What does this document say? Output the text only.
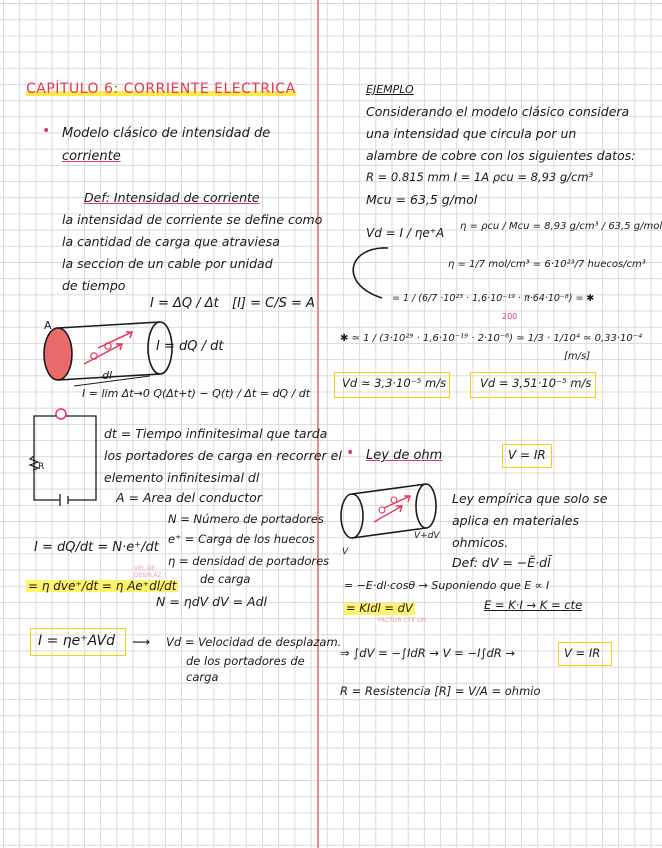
CAPÍTULO 6: CORRIENTE ELECTRICA
• Modelo clásico de intensidad de
corriente
Def: Intensidad de corriente
la intensidad de corriente se define como
la cantidad de carga que atraviesa
la seccion de un cable por unidad
de tiempo
I = ΔQ / Δt [I] = C/S = A
I = dQ / dt
A
dl
I = lim Δt→0 Q(Δt+t) − Q(t) / Δt = dQ / dt
R
dt = Tiempo infinitesimal que tarda
los portadores de carga en recorrer el
elemento infinitesimal dl
A = Area del conductor
N = Número de portadores
e⁺ = Carga de los huecos
η = densidad de portadores
de carga
I = dQ/dt = N·e⁺/dt
= η dve⁺/dt = η Ae⁺dl/dt
VEL DE DESPLAZ
N = ηdV dV = Adl
I = ηe⁺AVd ⟶ Vd = Velocidad de desplazam.
de los portadores de
carga
EJEMPLO
Considerando el modelo clásico considera
una intensidad que circula por un
alambre de cobre con los siguientes datos:
R = 0.815 mm I = 1A ρcu = 8,93 g/cm³
Mcu = 63,5 g/mol
Vd = I / ηe⁺A η = ρcu / Mcu = 8,93 g/cm³ / 63,5 g/mol
η = 1/7 mol/cm³ = 6·10²³/7 huecos/cm³
= 1 / (6/7 ·10²³ · 1,6·10⁻¹⁹ · π·64·10⁻⁸) = ✱
200
✱ ≃ 1 / (3·10²⁹ · 1,6·10⁻¹⁹ · 2·10⁻⁶) ≃ 1/3 · 1/10⁴ ≃ 0,33·10⁻⁴
[m/s]
Vd ≃ 3,3·10⁻⁵ m/s	Vd = 3,51·10⁻⁵ m/s
• Ley de ohm	V = IR
V+dV
V
Ley empírica que solo se
aplica en materiales
ohmicos.
Def: dV = −Ē·dl̄
= −E·dl·cosθ → Suponiendo que E ∝ I
= KIdl = dV	E = K·I → K = cte
FACTOR CTE DR
⇒ ∫dV = −∫IdR → V = −I∫dR →	V = IR
R = Resistencia [R] = V/A = ohmio
